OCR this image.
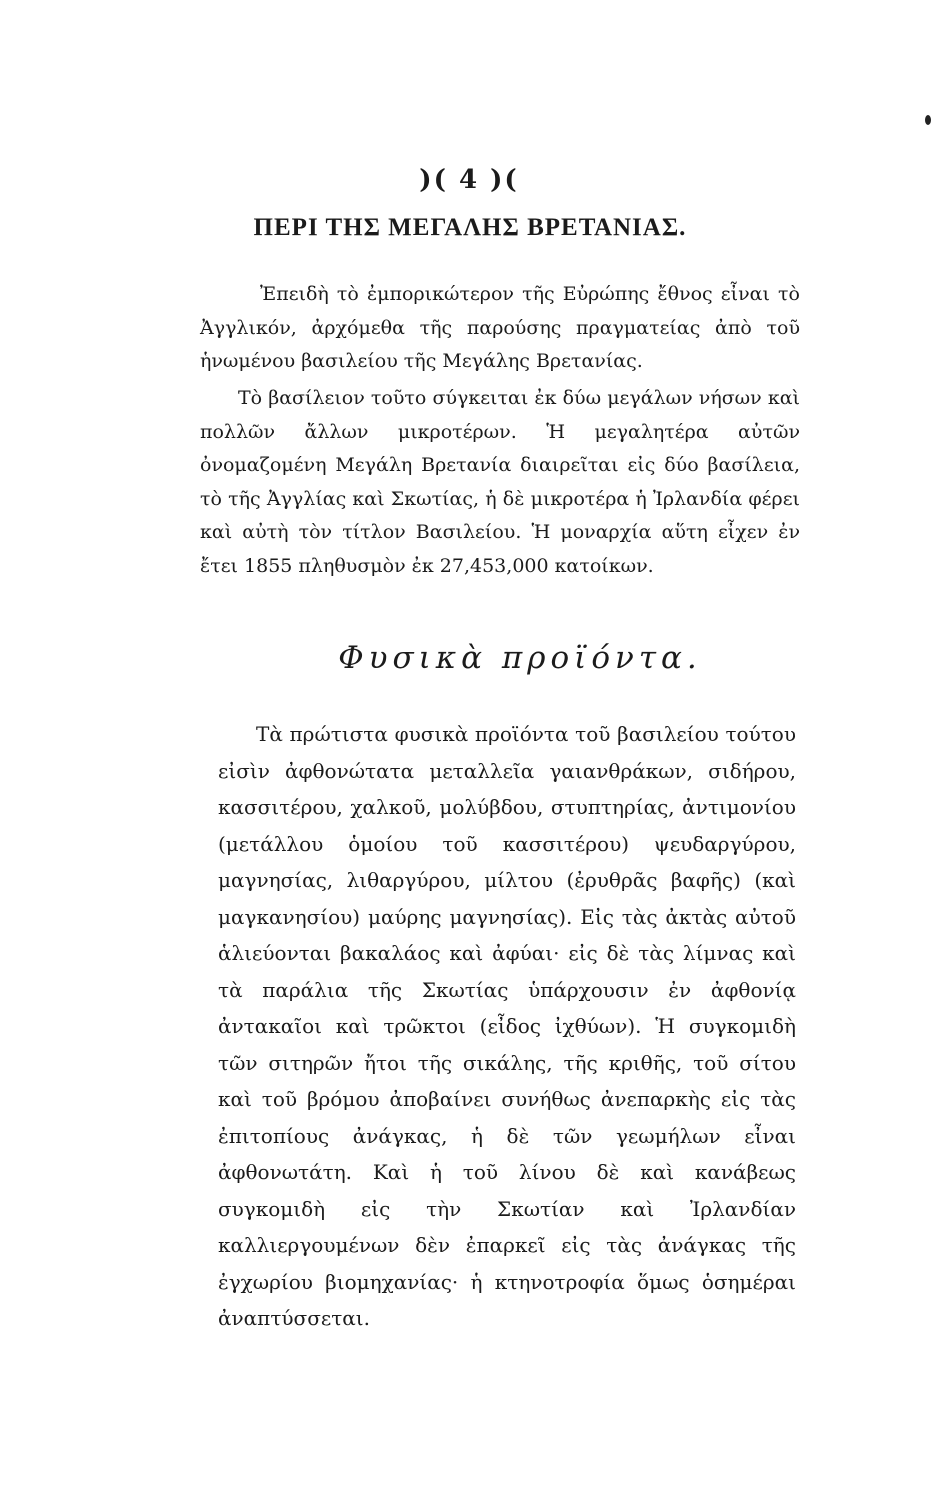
)( 4 )(
ΠΕΡΙ ΤΗΣ ΜΕΓΑΛΗΣ ΒΡΕΤΑΝΙΑΣ.

Ἐπειδὴ τὸ ἐμπορικώτερον τῆς Εὐρώπης ἔθνος εἶναι τὸ Ἀγγλικόν, ἀρχόμεθα τῆς παρούσης πραγματείας ἀπὸ τοῦ ἡνωμένου βασιλείου τῆς Μεγάλης Βρετανίας.

Τὸ βασίλειον τοῦτο σύγκειται ἐκ δύω μεγάλων νήσων καὶ πολλῶν ἄλλων μικροτέρων. Ἡ μεγαλητέρα αὐτῶν ὀνομαζομένη Μεγάλη Βρετανία διαιρεῖται εἰς δύο βασίλεια, τὸ τῆς Ἀγγλίας καὶ Σκωτίας, ἡ δὲ μικροτέρα ἡ Ἰρλανδία φέρει καὶ αὐτὴ τὸν τίτλον Βασιλείου. Ἡ μοναρχία αὕτη εἶχεν ἐν ἔτει 1855 πληθυσμὸν ἐκ 27,453,000 κατοίκων.

Φυσικὰ προϊόντα.

Τὰ πρώτιστα φυσικὰ προϊόντα τοῦ βασιλείου τούτου εἰσὶν ἀφθονώτατα μεταλλεῖα γαιανθράκων, σιδήρου, κασσιτέρου, χαλκοῦ, μολύβδου, στυπτηρίας, ἀντιμονίου (μετάλλου ὁμοίου τοῦ κασσιτέρου) ψευδαργύρου, μαγνησίας, λιθαργύρου, μίλτου (ἐρυθρᾶς βαφῆς) (καὶ μαγκανησίου) μαύρης μαγνησίας). Εἰς τὰς ἀκτὰς αὐτοῦ ἁλιεύονται βακαλάος καὶ ἀφύαι· εἰς δὲ τὰς λίμνας καὶ τὰ παράλια τῆς Σκωτίας ὑπάρχουσιν ἐν ἀφθονίᾳ ἀντακαῖοι καὶ τρῶκτοι (εἶδος ἰχθύων). Ἡ συγκομιδὴ τῶν σιτηρῶν ἤτοι τῆς σικάλης, τῆς κριθῆς, τοῦ σίτου καὶ τοῦ βρόμου ἀποβαίνει συνήθως ἀνεπαρκὴς εἰς τὰς ἐπιτοπίους ἀνάγκας, ἡ δὲ τῶν γεωμήλων εἶναι ἀφθονωτάτη. Καὶ ἡ τοῦ λίνου δὲ καὶ κανάβεως συγκομιδὴ εἰς τὴν Σκωτίαν καὶ Ἰρλανδίαν καλλιεργουμένων δὲν ἐπαρκεῖ εἰς τὰς ἀνάγκας τῆς ἐγχωρίου βιομηχανίας· ἡ κτηνοτροφία ὅμως ὁσημέραι ἀναπτύσσεται.
